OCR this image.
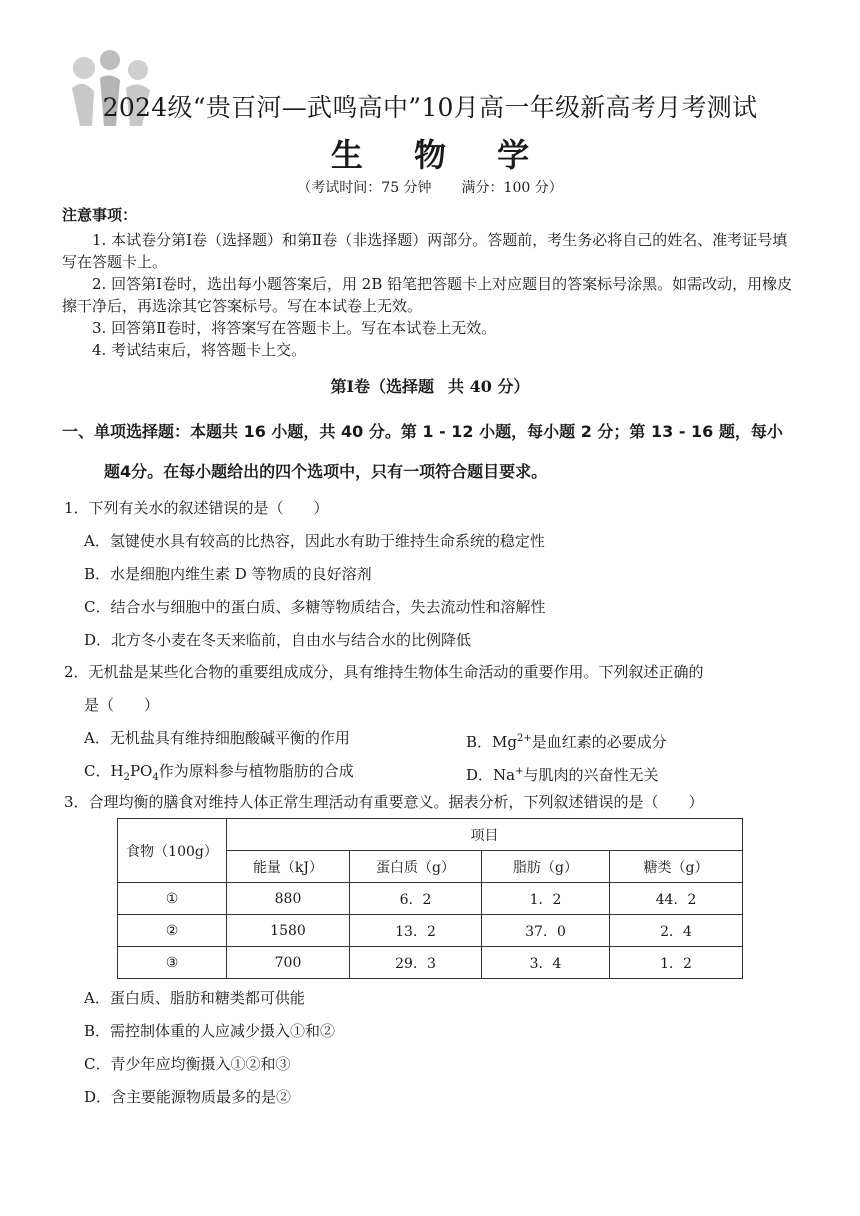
2024级“贵百河—武鸣高中”10月高一年级新高考月考测试
生 物 学
（考试时间：75 分钟 满分：100 分）
注意事项：

1. 本试卷分第Ⅰ卷（选择题）和第Ⅱ卷（非选择题）两部分。答题前，考生务必将自己的姓名、准考证号填写在答题卡上。

2. 回答第Ⅰ卷时，选出每小题答案后，用 2B 铅笔把答题卡上对应题目的答案标号涂黑。如需改动，用橡皮擦干净后，再选涂其它答案标号。写在本试卷上无效。

3. 回答第Ⅱ卷时，将答案写在答题卡上。写在本试卷上无效。

4. 考试结束后，将答题卡上交。

第Ⅰ卷（选择题 共 40 分）
一、单项选择题：本题共 16 小题，共 40 分。第 1 - 12 小题，每小题 2 分；第 13 - 16 题，每小
题4分。在每小题给出的四个选项中，只有一项符合题目要求。
1．下列有关水的叙述错误的是（　　）
A．氢键使水具有较高的比热容，因此水有助于维持生命系统的稳定性
B．水是细胞内维生素 D 等物质的良好溶剂
C．结合水与细胞中的蛋白质、多糖等物质结合，失去流动性和溶解性
D．北方冬小麦在冬天来临前，自由水与结合水的比例降低
2．无机盐是某些化合物的重要组成成分，具有维持生物体生命活动的重要作用。下列叙述正确的
是（　　）
A．无机盐具有维持细胞酸碱平衡的作用	B．$Mg^{2+}$是血红素的必要成分
C．$H_2PO_4$作为原料参与植物脂肪的合成	D．Na+与肌肉的兴奋性无关
3．合理均衡的膳食对维持人体正常生理活动有重要意义。据表分析，下列叙述错误的是（　　）
食物（100g）	项目			
	能量（kJ）	蛋白质（g）	脂肪（g）	糖类（g）
①	880	6．2	1．2	44．2
②	1580	13．2	37．0	2．4
③	700	29．3	3．4	1．2
A．蛋白质、脂肪和糖类都可供能
B．需控制体重的人应减少摄入①和②
C．青少年应均衡摄入①②和③
D．含主要能源物质最多的是②
